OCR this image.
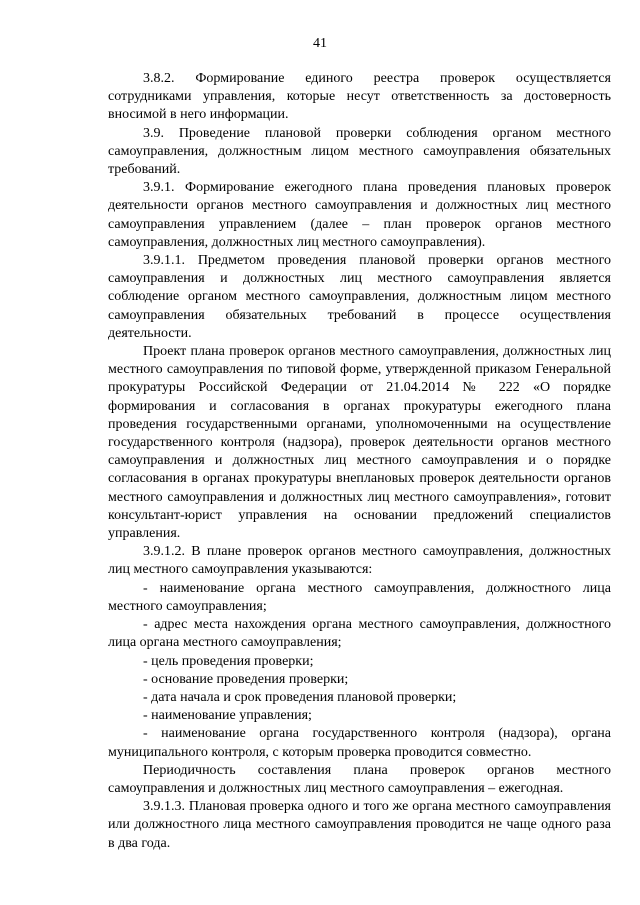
41

3.8.2. Формирование единого реестра проверок осуществляется сотрудниками управления, которые несут ответственность за достоверность вносимой в него информации.

3.9. Проведение плановой проверки соблюдения органом местного самоуправления, должностным лицом местного самоуправления обязательных требований.

3.9.1. Формирование ежегодного плана проведения плановых проверок деятельности органов местного самоуправления и должностных лиц местного самоуправления управлением (далее – план проверок органов местного самоуправления, должностных лиц местного самоуправления).

3.9.1.1. Предметом проведения плановой проверки органов местного самоуправления и должностных лиц местного самоуправления является соблюдение органом местного самоуправления, должностным лицом местного самоуправления обязательных требований в процессе осуществления деятельности.

Проект плана проверок органов местного самоуправления, должностных лиц местного самоуправления по типовой форме, утвержденной приказом Генеральной прокуратуры Российской Федерации от 21.04.2014 № 222 «О порядке формирования и согласования в органах прокуратуры ежегодного плана проведения государственными органами, уполномоченными на осуществление государственного контроля (надзора), проверок деятельности органов местного самоуправления и должностных лиц местного самоуправления и о порядке согласования в органах прокуратуры внеплановых проверок деятельности органов местного самоуправления и должностных лиц местного самоуправления», готовит консультант-юрист управления на основании предложений специалистов управления.

3.9.1.2. В плане проверок органов местного самоуправления, должностных лиц местного самоуправления указываются:

- наименование органа местного самоуправления, должностного лица местного самоуправления;

- адрес места нахождения органа местного самоуправления, должностного лица органа местного самоуправления;

- цель проведения проверки;

- основание проведения проверки;

- дата начала и срок проведения плановой проверки;

- наименование управления;

- наименование органа государственного контроля (надзора), органа муниципального контроля, с которым проверка проводится совместно.

Периодичность составления плана проверок органов местного самоуправления и должностных лиц местного самоуправления – ежегодная.

3.9.1.3. Плановая проверка одного и того же органа местного самоуправления или должностного лица местного самоуправления проводится не чаще одного раза в два года.
